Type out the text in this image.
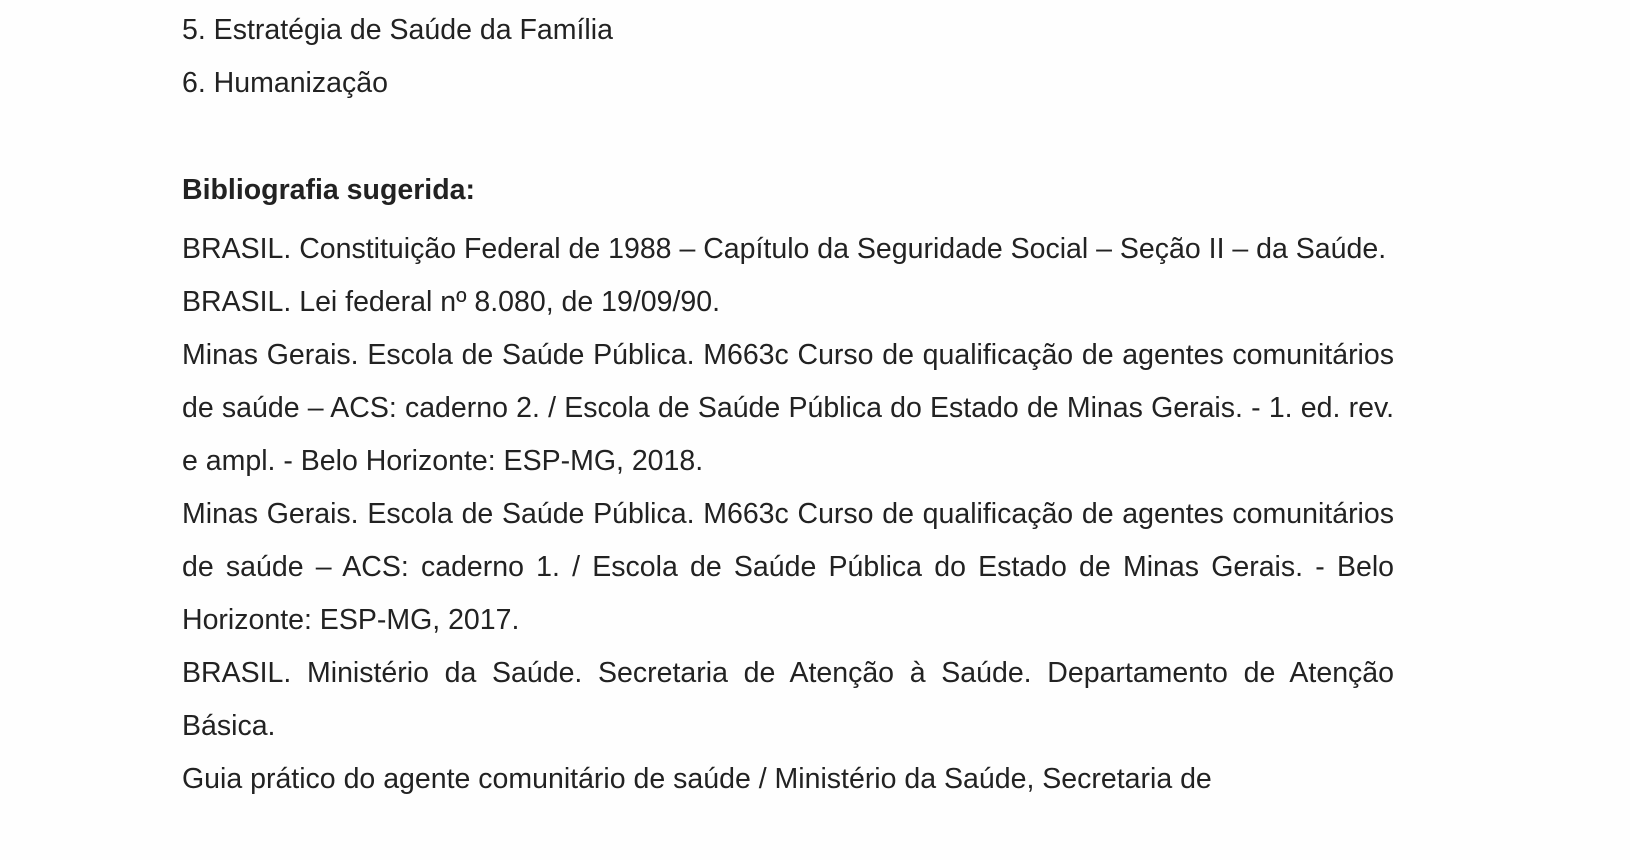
5. Estratégia de Saúde da Família
6. Humanização
Bibliografia sugerida:
BRASIL. Constituição Federal de 1988 – Capítulo da Seguridade Social – Seção II – da Saúde.
BRASIL. Lei federal nº 8.080, de 19/09/90.
Minas Gerais. Escola de Saúde Pública. M663c Curso de qualificação de agentes comunitários de saúde – ACS: caderno 2. / Escola de Saúde Pública do Estado de Minas Gerais. - 1. ed. rev. e ampl. - Belo Horizonte: ESP-MG, 2018.
Minas Gerais. Escola de Saúde Pública. M663c Curso de qualificação de agentes comunitários de saúde – ACS: caderno 1. / Escola de Saúde Pública do Estado de Minas Gerais. - Belo Horizonte: ESP-MG, 2017.
BRASIL. Ministério da Saúde. Secretaria de Atenção à Saúde. Departamento de Atenção Básica.
Guia prático do agente comunitário de saúde / Ministério da Saúde, Secretaria de
